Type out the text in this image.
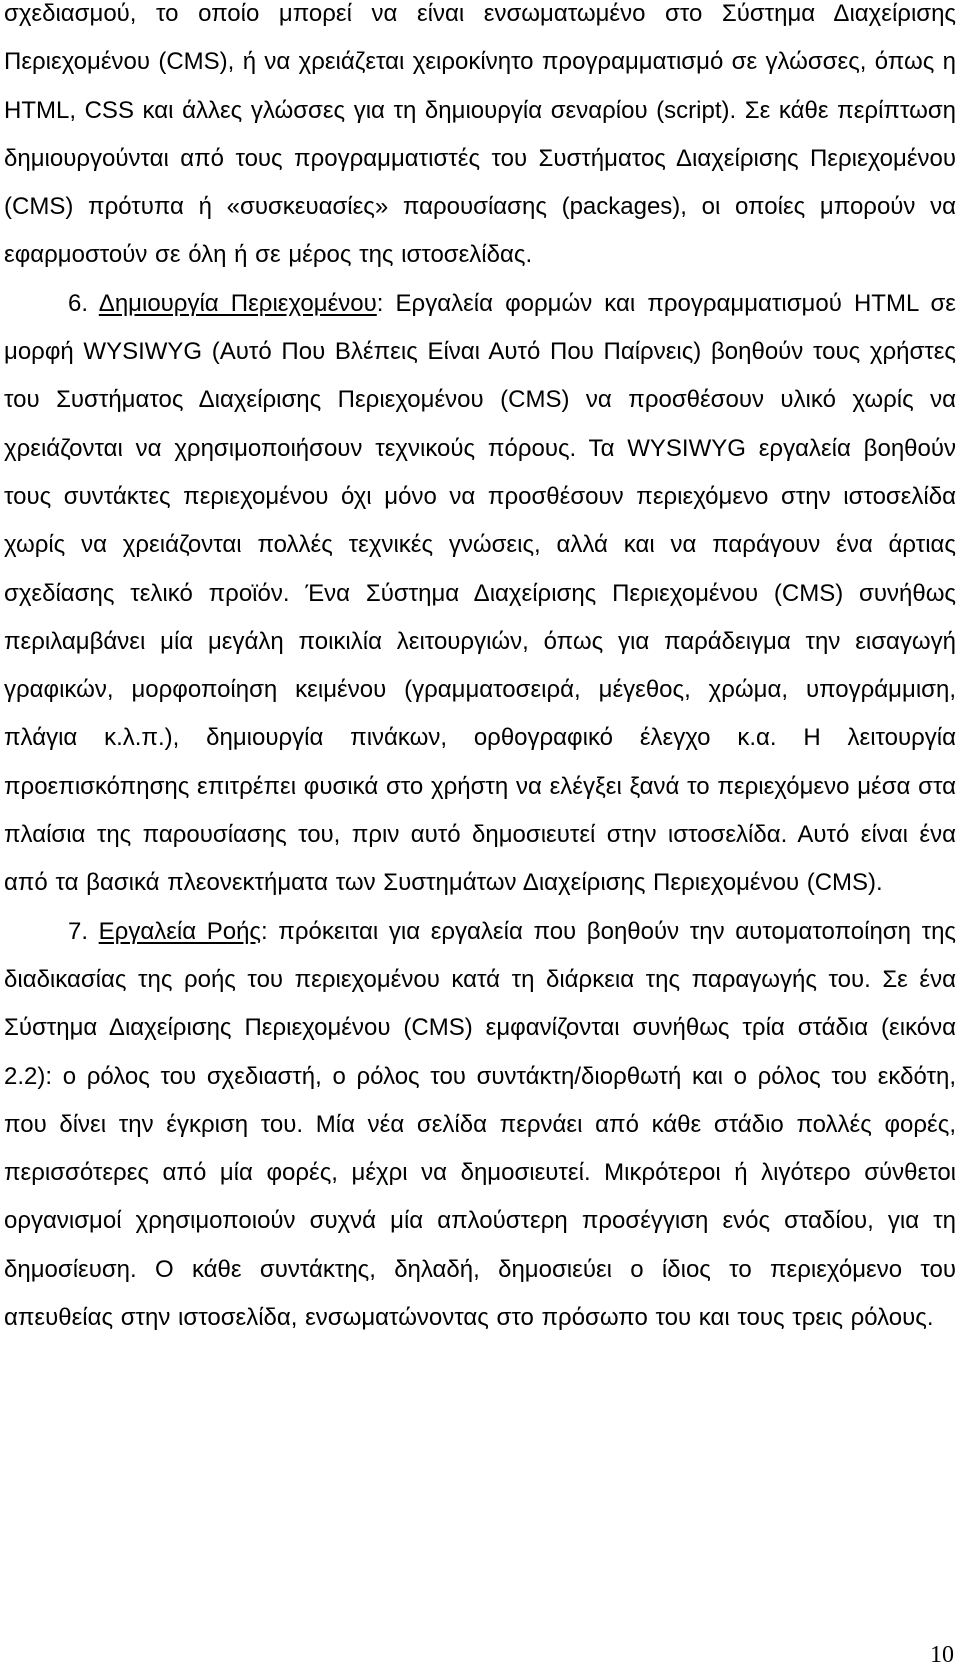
σχεδιασμού, το οποίο μπορεί να είναι ενσωματωμένο στο Σύστημα Διαχείρισης Περιεχομένου (CMS), ή να χρειάζεται χειροκίνητο προγραμματισμό σε γλώσσες, όπως η HTML, CSS και άλλες γλώσσες για τη δημιουργία σεναρίου (script). Σε κάθε περίπτωση δημιουργούνται από τους προγραμματιστές του Συστήματος Διαχείρισης Περιεχομένου (CMS) πρότυπα ή «συσκευασίες» παρουσίασης (packages), οι οποίες μπορούν να εφαρμοστούν σε όλη ή σε μέρος της ιστοσελίδας.

6. Δημιουργία Περιεχομένου: Εργαλεία φορμών και προγραμματισμού HTML σε μορφή WYSIWYG (Αυτό Που Βλέπεις Είναι Αυτό Που Παίρνεις) βοηθούν τους χρήστες του Συστήματος Διαχείρισης Περιεχομένου (CMS) να προσθέσουν υλικό χωρίς να χρειάζονται να χρησιμοποιήσουν τεχνικούς πόρους. Τα WYSIWYG εργαλεία βοηθούν τους συντάκτες περιεχομένου όχι μόνο να προσθέσουν περιεχόμενο στην ιστοσελίδα χωρίς να χρειάζονται πολλές τεχνικές γνώσεις, αλλά και να παράγουν ένα άρτιας σχεδίασης τελικό προϊόν. Ένα Σύστημα Διαχείρισης Περιεχομένου (CMS) συνήθως περιλαμβάνει μία μεγάλη ποικιλία λειτουργιών, όπως για παράδειγμα την εισαγωγή γραφικών, μορφοποίηση κειμένου (γραμματοσειρά, μέγεθος, χρώμα, υπογράμμιση, πλάγια κ.λ.π.), δημιουργία πινάκων, ορθογραφικό έλεγχο κ.α. Η λειτουργία προεπισκόπησης επιτρέπει φυσικά στο χρήστη να ελέγξει ξανά το περιεχόμενο μέσα στα πλαίσια της παρουσίασης του, πριν αυτό δημοσιευτεί στην ιστοσελίδα. Αυτό είναι ένα από τα βασικά πλεονεκτήματα των Συστημάτων Διαχείρισης Περιεχομένου (CMS).

7. Εργαλεία Ροής: πρόκειται για εργαλεία που βοηθούν την αυτοματοποίηση της διαδικασίας της ροής του περιεχομένου κατά τη διάρκεια της παραγωγής του. Σε ένα Σύστημα Διαχείρισης Περιεχομένου (CMS) εμφανίζονται συνήθως τρία στάδια (εικόνα 2.2): ο ρόλος του σχεδιαστή, ο ρόλος του συντάκτη/διορθωτή και ο ρόλος του εκδότη, που δίνει την έγκριση του. Μία νέα σελίδα περνάει από κάθε στάδιο πολλές φορές, περισσότερες από μία φορές, μέχρι να δημοσιευτεί. Μικρότεροι ή λιγότερο σύνθετοι οργανισμοί χρησιμοποιούν συχνά μία απλούστερη προσέγγιση ενός σταδίου, για τη δημοσίευση. Ο κάθε συντάκτης, δηλαδή, δημοσιεύει ο ίδιος το περιεχόμενο του απευθείας στην ιστοσελίδα, ενσωματώνοντας στο πρόσωπο του και τους τρεις ρόλους.

10
